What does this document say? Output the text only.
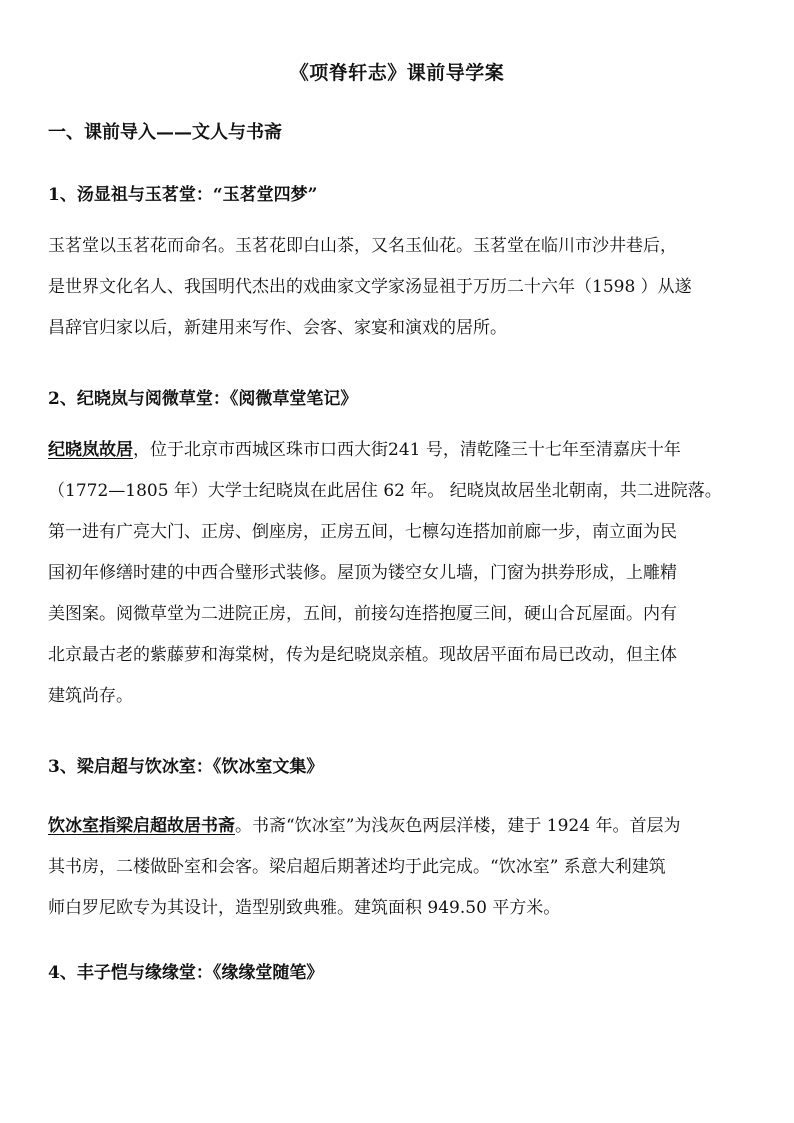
《项脊轩志》课前导学案
一、课前导入——文人与书斋
1、汤显祖与玉茗堂：“玉茗堂四梦”
玉茗堂以玉茗花而命名。玉茗花即白山茶，又名玉仙花。玉茗堂在临川市沙井巷后，
是世界文化名人、我国明代杰出的戏曲家文学家汤显祖于万历二十六年（1598 ）从遂
昌辞官归家以后，新建用来写作、会客、家宴和演戏的居所。
2、纪晓岚与阅微草堂：《阅微草堂笔记》
纪晓岚故居，位于北京市西城区珠市口西大街241 号，清乾隆三十七年至清嘉庆十年
（1772—1805 年）大学士纪晓岚在此居住 62 年。 纪晓岚故居坐北朝南，共二进院落。
第一进有广亮大门、正房、倒座房，正房五间，七檩勾连搭加前廊一步，南立面为民
国初年修缮时建的中西合璧形式装修。屋顶为镂空女儿墙，门窗为拱券形成，上雕精
美图案。阅微草堂为二进院正房，五间，前接勾连搭抱厦三间，硬山合瓦屋面。内有
北京最古老的紫藤萝和海棠树，传为是纪晓岚亲植。现故居平面布局已改动，但主体
建筑尚存。
3、梁启超与饮冰室：《饮冰室文集》
饮冰室指梁启超故居书斋。书斋“饮冰室”为浅灰色两层洋楼，建于 1924 年。首层为
其书房，二楼做卧室和会客。梁启超后期著述均于此完成。“饮冰室” 系意大利建筑
师白罗尼欧专为其设计，造型别致典雅。建筑面积 949.50 平方米。
4、丰子恺与缘缘堂：《缘缘堂随笔》
